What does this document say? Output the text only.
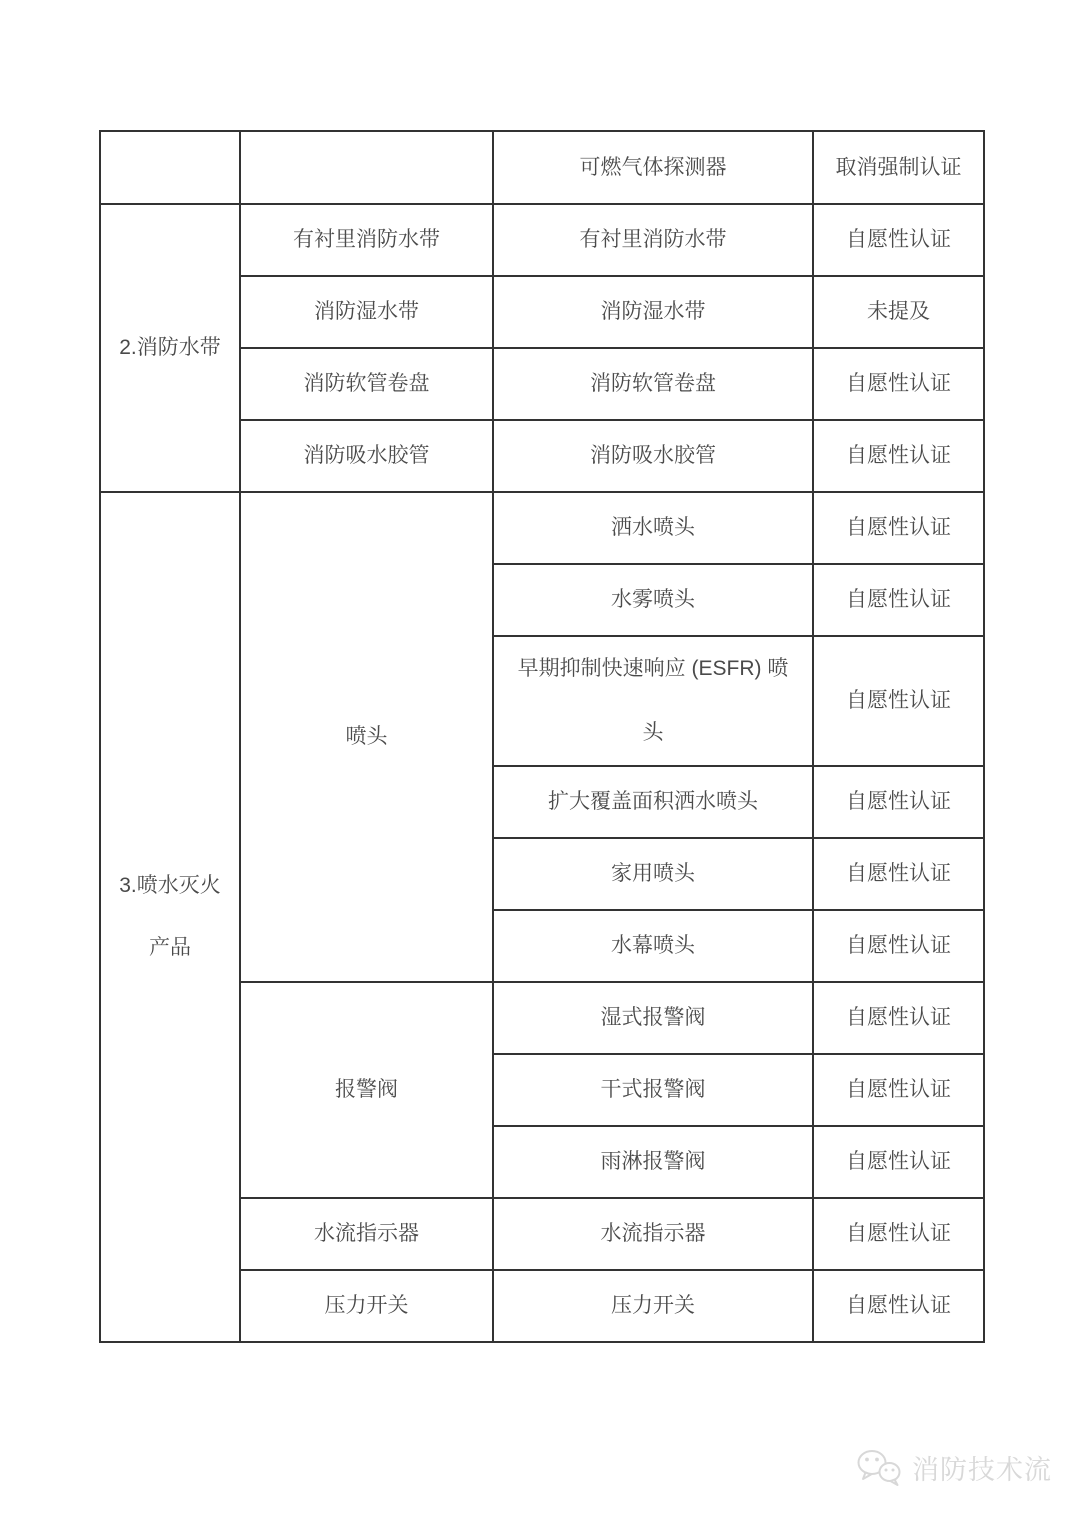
		可燃气体探测器	取消强制认证
2.消防水带	有衬里消防水带	有衬里消防水带	自愿性认证
	消防湿水带	消防湿水带	未提及
	消防软管卷盘	消防软管卷盘	自愿性认证
	消防吸水胶管	消防吸水胶管	自愿性认证
3.喷水灭火产品	喷头	洒水喷头	自愿性认证
		水雾喷头	自愿性认证
		早期抑制快速响应 (ESFR) 喷头	自愿性认证
		扩大覆盖面积洒水喷头	自愿性认证
		家用喷头	自愿性认证
		水幕喷头	自愿性认证
	报警阀	湿式报警阀	自愿性认证
		干式报警阀	自愿性认证
		雨淋报警阀	自愿性认证
	水流指示器	水流指示器	自愿性认证
	压力开关	压力开关	自愿性认证
消防技术流
